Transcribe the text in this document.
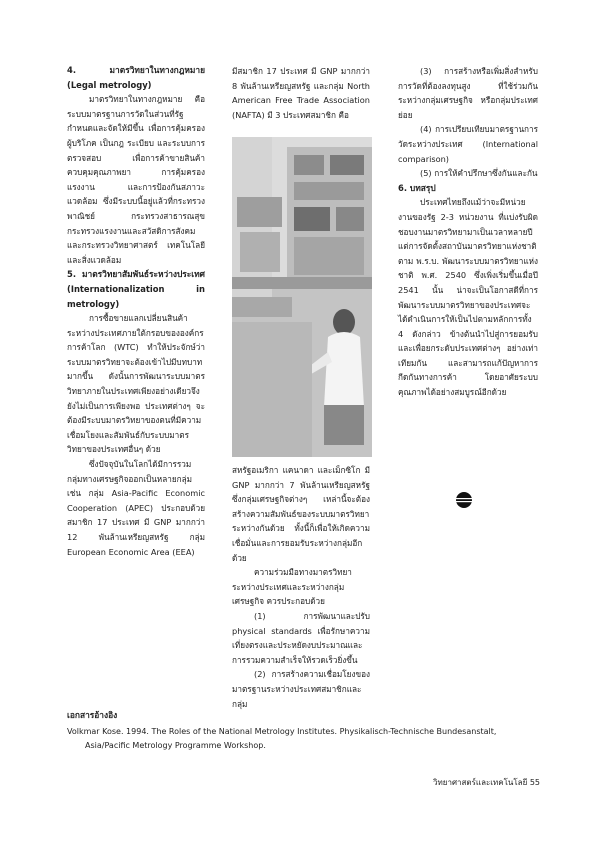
4. มาตรวิทยาในทางกฎหมาย (Legal metrology)

มาตรวิทยาในทางกฎหมาย คือ ระบบมาตรฐานการวัดในส่วนที่รัฐกำหนดและจัดให้มีขึ้น เพื่อการคุ้มครองผู้บริโภค เป็นกฎ ระเบียบ และระบบการตรวจสอบ เพื่อการค้าขายสินค้า ควบคุมคุณภาพยา การคุ้มครองแรงงาน และการป้องกันสภาวะแวดล้อม ซึ่งมีระบบนี้อยู่แล้วที่กระทรวงพาณิชย์ กระทรวงสาธารณสุข กระทรวงแรงงานและสวัสดิการสังคม และกระทรวงวิทยาศาสตร์ เทคโนโลยีและสิ่งแวดล้อม

5. มาตรวิทยาสัมพันธ์ระหว่างประเทศ (Internationalization in metrology)

การซื้อขายแลกเปลี่ยนสินค้าระหว่างประเทศภายใต้กรอบขององค์กรการค้าโลก (WTC) ทำให้ประจักษ์ว่า ระบบมาตรวิทยาจะต้องเข้าไปมีบทบาทมากขึ้น ดังนั้นการพัฒนาระบบมาตรวิทยาภายในประเทศเพียงอย่างเดียวจึงยังไม่เป็นการเพียงพอ ประเทศต่างๆ จะต้องมีระบบมาตรวิทยาของตนที่มีความเชื่อมโยงและสัมพันธ์กับระบบมาตรวิทยาของประเทศอื่นๆ ด้วย

ซึ่งปัจจุบันในโลกได้มีการรวมกลุ่มทางเศรษฐกิจออกเป็นหลายกลุ่ม เช่น กลุ่ม Asia-Pacific Economic Cooperation (APEC) ประกอบด้วยสมาชิก 17 ประเทศ มี GNP มากกว่า 12 พันล้านเหรียญสหรัฐ กลุ่ม European Economic Area (EEA)

มีสมาชิก 17 ประเทศ มี GNP มากกว่า 8 พันล้านเหรียญสหรัฐ และกลุ่ม North American Free Trade Association (NAFTA) มี 3 ประเทศสมาชิก คือ

สหรัฐอเมริกา แคนาดา และเม็กซิโก มี GNP มากกว่า 7 พันล้านเหรียญสหรัฐ ซึ่งกลุ่มเศรษฐกิจต่างๆ เหล่านี้จะต้องสร้างความสัมพันธ์ของระบบมาตรวิทยาระหว่างกันด้วย ทั้งนี้ก็เพื่อให้เกิดความเชื่อมั่นและการยอมรับระหว่างกลุ่มอีกด้วย

ความร่วมมือทางมาตรวิทยาระหว่างประเทศและระหว่างกลุ่มเศรษฐกิจ ควรประกอบด้วย

(1) การพัฒนาและปรับ physical standards เพื่อรักษาความเที่ยงตรงและประหยัดงบประมาณและการรวมความสำเร็จให้รวดเร็วยิ่งขึ้น

(2) การสร้างความเชื่อมโยงของมาตรฐานระหว่างประเทศสมาชิกและกลุ่ม

(3) การสร้างหรือเพิ่มสิ่งสำหรับการวัดที่ต้องลงทุนสูง ที่ใช้ร่วมกันระหว่างกลุ่มเศรษฐกิจ หรือกลุ่มประเทศย่อย

(4) การเปรียบเทียบมาตรฐานการวัดระหว่างประเทศ (International comparison)

(5) การให้คำปรึกษาซึ่งกันและกัน

6. บทสรุป

ประเทศไทยถึงแม้ว่าจะมีหน่วยงานของรัฐ 2-3 หน่วยงาน ที่แบ่งรับผิดชอบงานมาตรวิทยามาเป็นเวลาหลายปี แต่การจัดตั้งสถาบันมาตรวิทยาแห่งชาติ ตาม พ.ร.บ. พัฒนาระบบมาตรวิทยาแห่งชาติ พ.ศ. 2540 ซึ่งเพิ่งเริ่มขึ้นเมื่อปี 2541 นั้น น่าจะเป็นโอกาสดีที่การพัฒนาระบบมาตรวิทยาของประเทศจะได้ดำเนินการให้เป็นไปตามหลักการทั้ง 4 ดังกล่าว ข้างต้นนำไปสู่การยอมรับ และเพื่อยกระดับประเทศต่างๆ อย่างเท่าเทียมกัน และสามารถแก้ปัญหาการกีดกันทางการค้า โดยอาศัยระบบคุณภาพได้อย่างสมบูรณ์อีกด้วย

เอกสารอ้างอิง
Volkmar Kose. 1994. The Roles of the National Metrology Institutes. Physikalisch-Technische Bundesanstalt, Asia/Pacific Metrology Programme Workshop.
วิทยาศาสตร์และเทคโนโลยี 55
